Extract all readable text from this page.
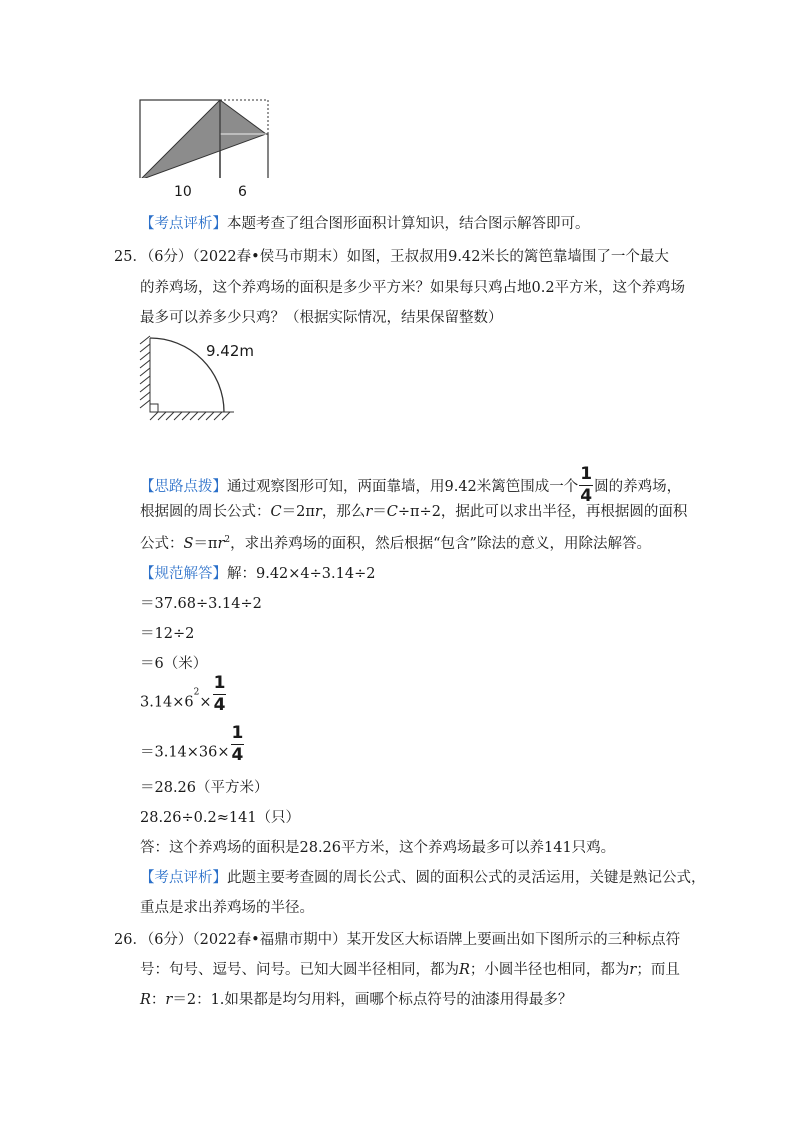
10	6
【考点评析】本题考查了组合图形面积计算知识，结合图示解答即可。
25．（6分）（2022春•侯马市期末）如图，王叔叔用9.42米长的篱笆靠墙围了一个最大
的养鸡场，这个养鸡场的面积是多少平方米？如果每只鸡占地0.2平方米，这个养鸡场
最多可以养多少只鸡？（根据实际情况，结果保留整数）
9.42m
【思路点拨】通过观察图形可知，两面靠墙，用9.42米篱笆围成一个 $\frac{1}{4}$ 圆的养鸡场，
根据圆的周长公式：C＝2πr，那么r＝C÷π÷2，据此可以求出半径，再根据圆的面积
公式：$S=\pi r^2$，求出养鸡场的面积，然后根据“包含”除法的意义，用除法解答。
【规范解答】解：9.42×4÷3.14÷2
＝37.68÷3.14÷2
＝12÷2
＝6（米）
$3.14\times 6^2\times \frac{1}{4}$
$=3.14\times 36\times \frac{1}{4}$
＝28.26（平方米）
28.26÷0.2≈141（只）
答：这个养鸡场的面积是28.26平方米，这个养鸡场最多可以养141只鸡。
【考点评析】此题主要考查圆的周长公式、圆的面积公式的灵活运用，关键是熟记公式，
重点是求出养鸡场的半径。
26．（6分）（2022春•福鼎市期中）某开发区大标语牌上要画出如下图所示的三种标点符
号：句号、逗号、问号。已知大圆半径相同，都为R；小圆半径也相同，都为r；而且
R：r＝2：1.如果都是均匀用料，画哪个标点符号的油漆用得最多？
